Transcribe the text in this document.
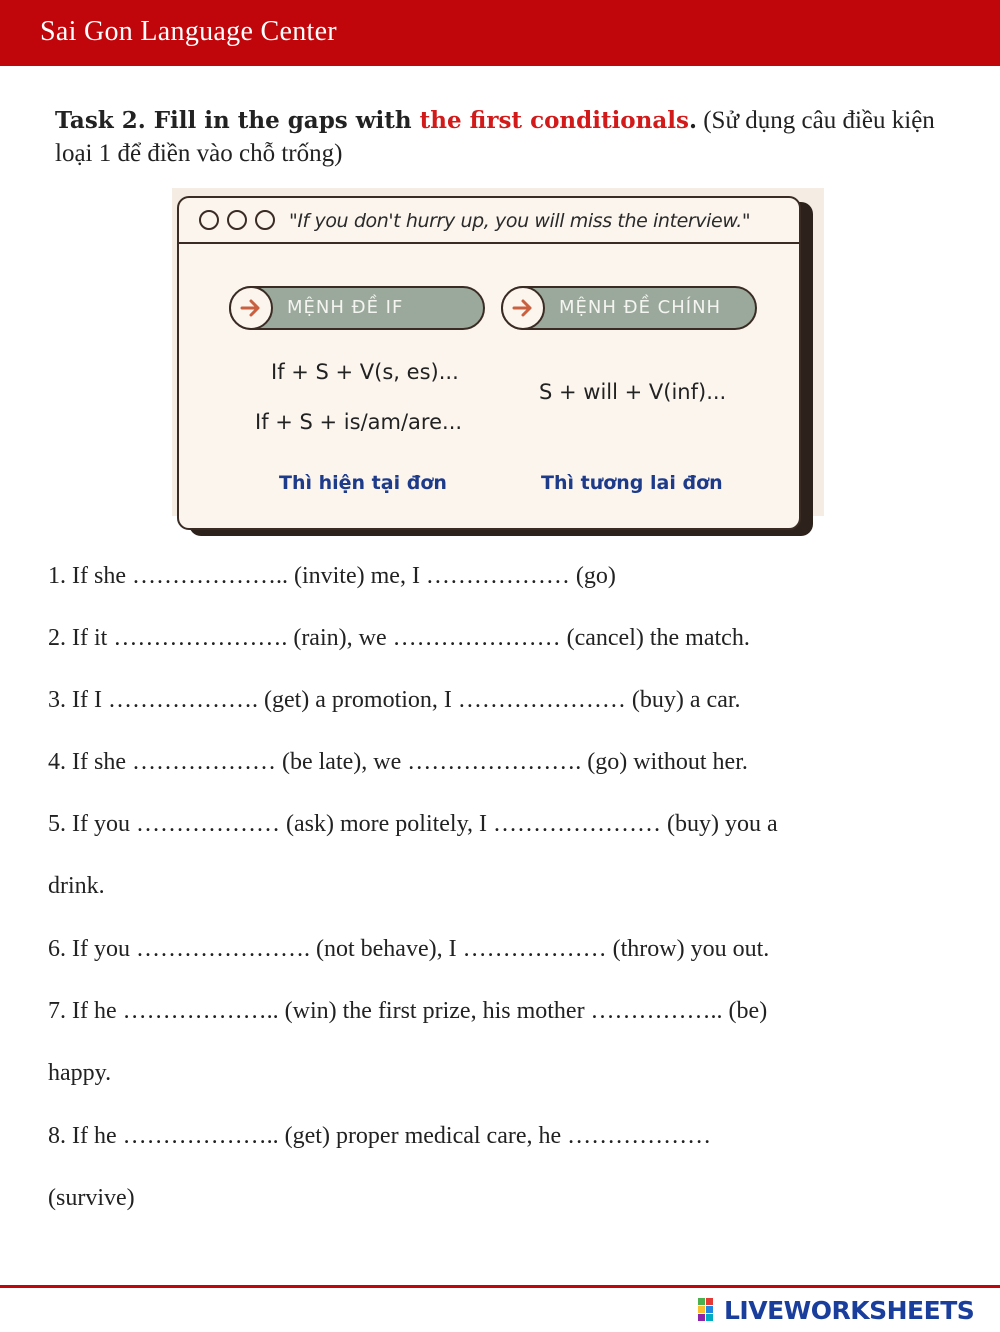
Sai Gon Language Center
Task 2. Fill in the gaps with the first conditionals. (Sử dụng câu điều kiện loại 1 để điền vào chỗ trống)
"If you don't hurry up, you will miss the interview."
MỆNH ĐỀ IF	MỆNH ĐỀ CHÍNH
If + S + V(s, es)...
If + S + is/am/are...
S + will + V(inf)...
Thì hiện tại đơn	Thì tương lai đơn
1. If she ……………….. (invite) me, I ……………… (go)
2. If it …………………. (rain), we ………………… (cancel) the match.
3. If I ………………. (get) a promotion, I ………………… (buy) a car.
4. If she ……………… (be late), we …………………. (go) without her.
5. If you ……………… (ask) more politely, I ………………… (buy) you a
drink.
6. If you …………………. (not behave), I ……………… (throw) you out.
7. If he ……………….. (win) the first prize, his mother …………….. (be)
happy.
8. If he ……………….. (get) proper medical care, he ………………
(survive)
LIVEWORKSHEETS
